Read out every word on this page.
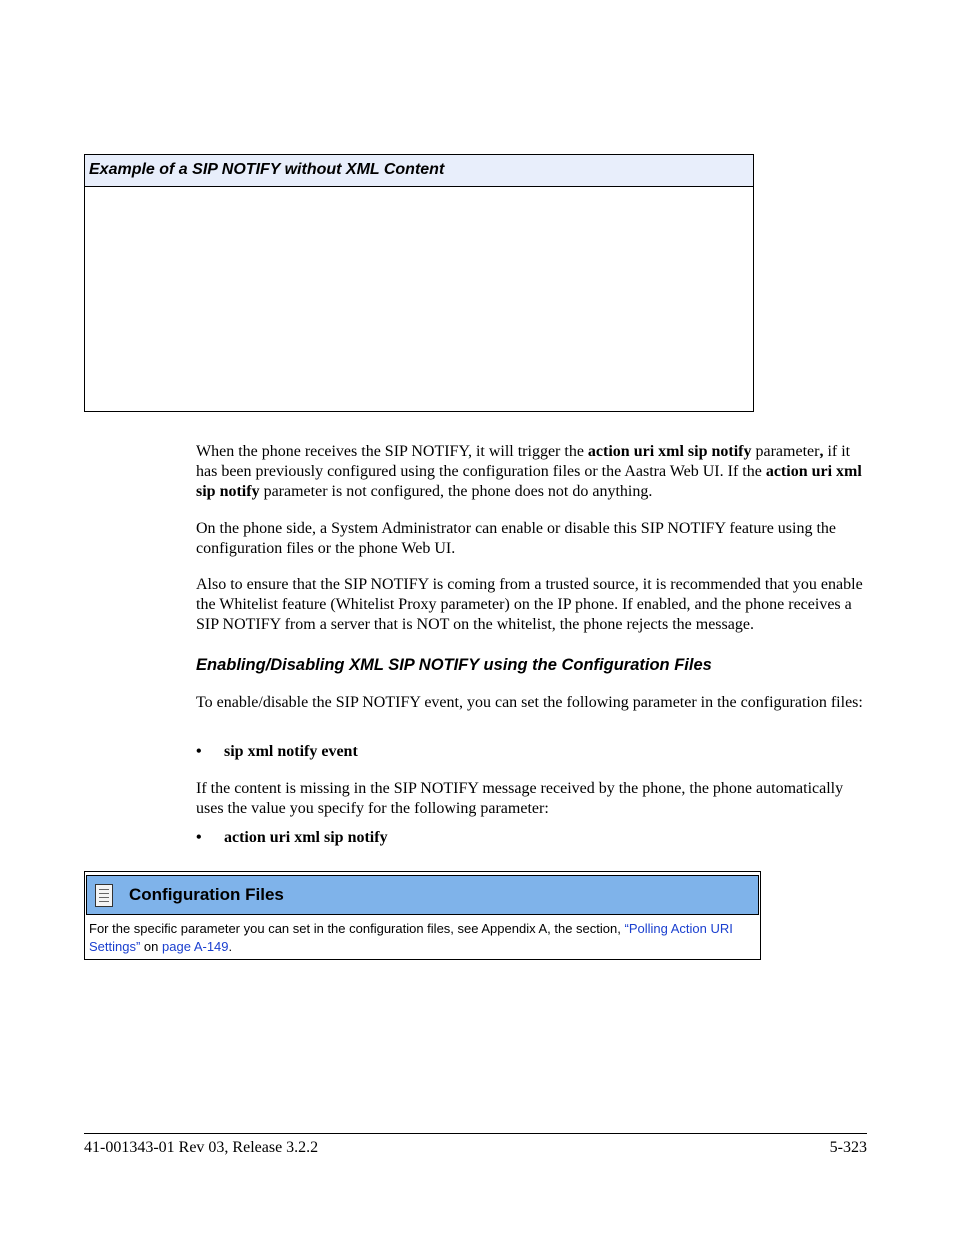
Example of a SIP NOTIFY without XML Content

When the phone receives the SIP NOTIFY, it will trigger the action uri xml sip notify parameter, if it has been previously configured using the configuration files or the Aastra Web UI. If the action uri xml sip notify parameter is not configured, the phone does not do anything.

On the phone side, a System Administrator can enable or disable this SIP NOTIFY feature using the configuration files or the phone Web UI.

Also to ensure that the SIP NOTIFY is coming from a trusted source, it is recommended that you enable the Whitelist feature (Whitelist Proxy parameter) on the IP phone. If enabled, and the phone receives a SIP NOTIFY from a server that is NOT on the whitelist, the phone rejects the message.

Enabling/Disabling XML SIP NOTIFY using the Configuration Files

To enable/disable the SIP NOTIFY event, you can set the following parameter in the configuration files:

• sip xml notify event

If the content is missing in the SIP NOTIFY message received by the phone, the phone automatically uses the value you specify for the following parameter:

• action uri xml sip notify
Configuration Files
For the specific parameter you can set in the configuration files, see Appendix A, the section, “Polling Action URI Settings” on page A-149.
41-001343-01 Rev 03, Release 3.2.2	5-323
